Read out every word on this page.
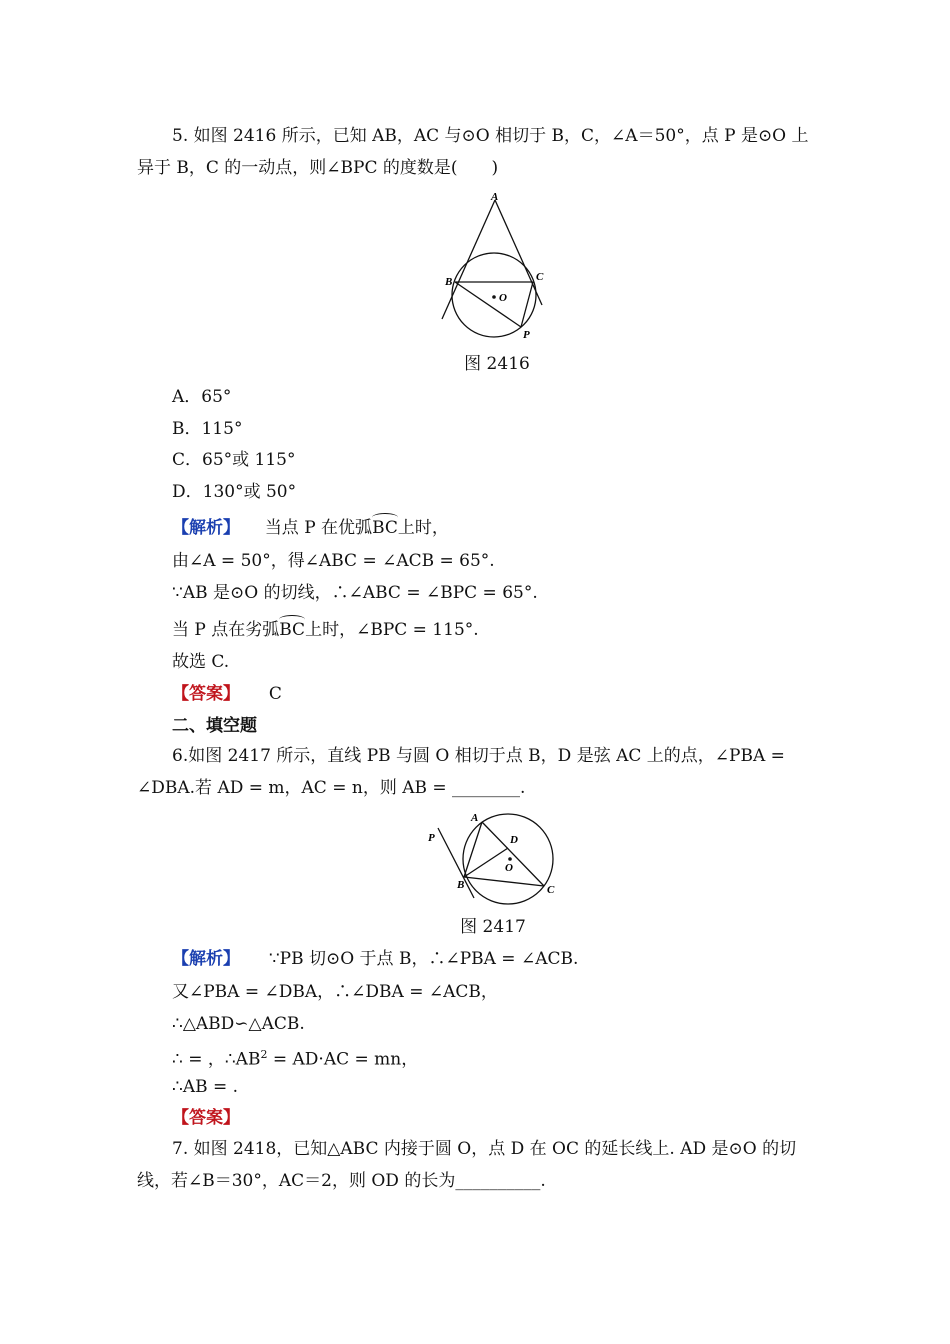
5. 如图 2416 所示，已知 AB，AC 与⊙O 相切于 B，C，∠A＝50°，点 P 是⊙O 上
异于 B，C 的一动点，则∠BPC 的度数是(　　)
A
B	C
O
P
图 2416
A．65°
B．115°
C．65°或 115°
D．130°或 50°
【解析】 当点 P 在优弧BC上时，
由∠A = 50°，得∠ABC = ∠ACB = 65°.
∵AB 是⊙O 的切线，∴∠ABC = ∠BPC = 65°.
当 P 点在劣弧BC上时，∠BPC = 115°.
故选 C.
【答案】 C
二、填空题
6.如图 2417 所示，直线 PB 与圆 O 相切于点 B，D 是弦 AC 上的点，∠PBA =
∠DBA.若 AD = m，AC = n，则 AB = ________.
P
A
D
O
B	C
图 2417
【解析】 ∵PB 切⊙O 于点 B，∴∠PBA = ∠ACB.
又∠PBA = ∠DBA，∴∠DBA = ∠ACB，
∴△ABD∽△ACB.
∴ = ，$\therefore AB^2 = AD\cdot AC$ = mn，
∴AB = .
【答案】
7. 如图 2418，已知△ABC 内接于圆 O，点 D 在 OC 的延长线上. AD 是⊙O 的切
线，若∠B＝30°，AC＝2，则 OD 的长为__________.
